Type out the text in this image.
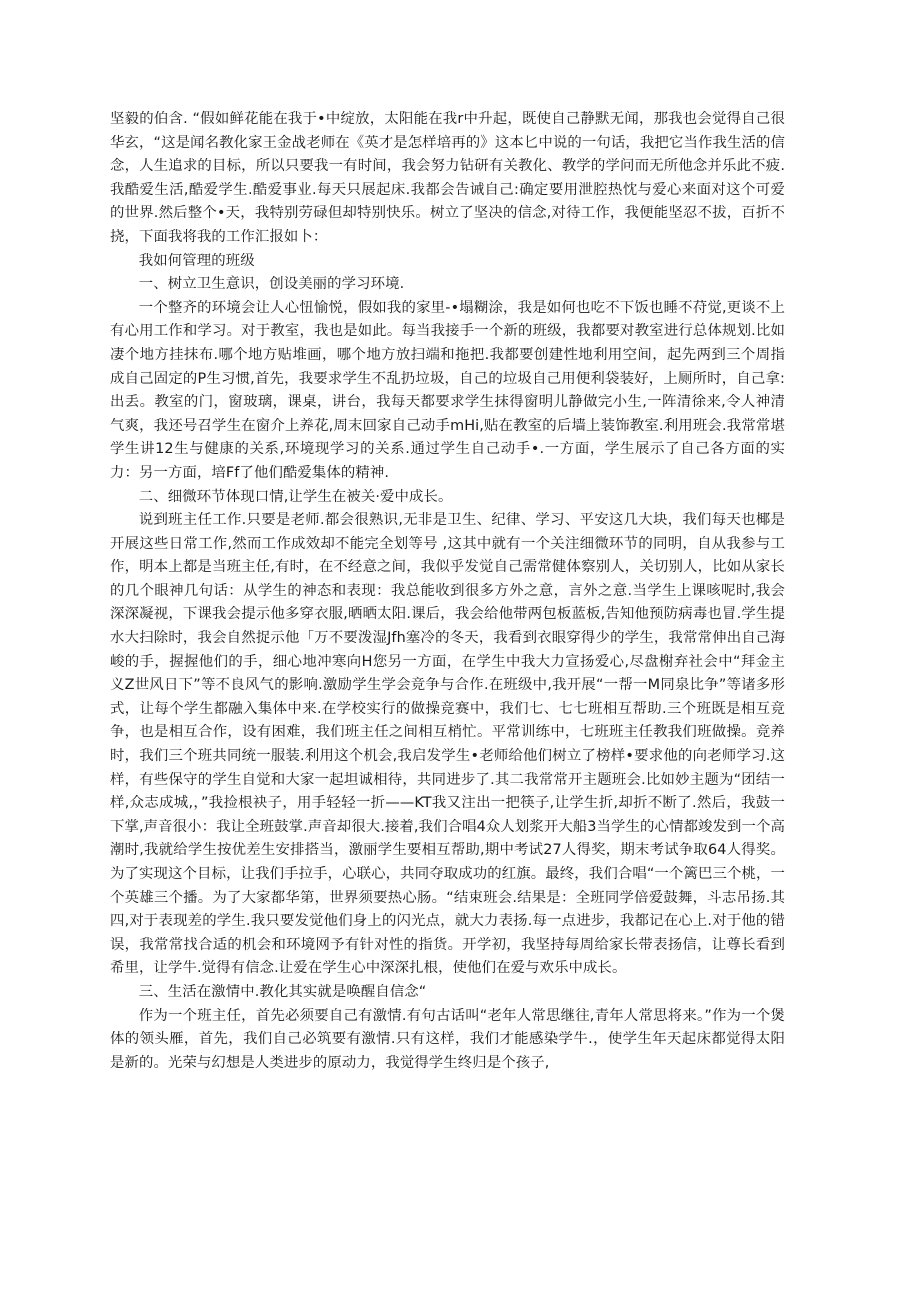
坚毅的伯含. “假如鲜花能在我于•中绽放，太阳能在我r中升起，既使自己静默无闻，那我也会觉得自己很华玄，“这是闻名教化家王金战老师在《英才是怎样培再的》这本匕中说的一句话，我把它当作我生活的信念，人生追求的目标，所以只要我一有时间，我会努力钻研有关教化、教学的学问而无所他念并乐此不疲.我酷爱生活,酷爱学生.酷爱事业.每天只展起床.我都会告诫自己:确定要用泄腔热忱与爱心来面对这个可爱的世界.然后整个•天，我特别劳碌但却特别快乐。树立了坚决的信念,对待工作，我便能坚忍不拔，百折不挠，下面我将我的工作汇报如卜：

我如何管理的班级

一、树立卫生意识，创设美丽的学习环境.

一个整齐的环境会让人心忸愉悦，假如我的家里-•塌糊涂，我是如何也吃不下饭也睡不苻觉,更谈不上有心用工作和学习。对于教室，我也是如此。每当我接手一个新的班级，我都要对教室进行总体规划.比如凄个地方挂抹布.哪个地方贴堆画，哪个地方放扫端和拖把.我都要创建性地利用空间，起先两到三个周指成自己固定的P生习惯,首先，我要求学生不乱扔垃圾，自己的垃圾自己用便利袋装好，上厕所时，自己拿:出丢。教室的门，窗玻璃，课桌，讲台，我每天都要求学生抹得窗明儿静做完小生,一阵清徐来,令人神清气爽，我还号召学生在窗介上养花,周末回家自己动手mHi,贴在教室的后墙上装饰教室.利用班会.我常常堪学生讲12生与健康的关系,环境现学习的关系.通过学生自己动手•.一方面，学生展示了自己各方面的实力：另一方面，培Ff了他们酷爱集体的精神.

二、细微环节体现口情,让学生在被关·爱中成长。

说到班主任工作.只要是老师.都会很熟识,无非是卫生、纪律、学习、平安这几大块，我们每天也椰是开展这些日常工作,然而工作成效却不能完全划等号 ,这其中就有一个关注细微环节的同明，自从我参与工作，明本上都是当班主任,有时，在不经意之间，我似乎发觉自己需常健体察别人，关切别人，比如从家长的几个眼神几句话：从学生的神态和表现：我总能收到很多方外之意，言外之意.当学生上课咳呢时,我会深深凝视，下课我会提示他多穿衣服,晒晒太阳.课后，我会给他带两包板蓝板,告知他预防病毒也冒.学生提水大扫除时，我会自然捉示他「万不要泼湿Jfh塞冷的冬天，我看到衣眼穿得少的学生，我常常伸出自己海峻的手，握握他们的手，细心地冲寒向H您另一方面，在学生中我大力宣扬爱心,尽盘榭弃社会中“拜金主义Z世风日下”等不良风气的影响.激励学生学会竞争与合作.在班级中,我开展“一帮一M同泉比争”等诸多形式，让每个学生都融入集体中来.在学校实行的做操竞赛中，我们七、七七班相互帮助.三个班既是相互竞争，也是相互合作，设有困难，我们班主任之间相互梢忙。平常训练中，七班班主任教我们班做操。竞养时，我们三个班共同统一服装.利用这个机会,我启发学生•老师给他们树立了榜样•要求他的向老师学习.这样，有些保守的学生自觉和大家一起坦诚相待，共同进步了.其二我常常开主题班会.比如妙主题为“团结一样,众志成城,，”我捡根袂子，用手轻轻一折——KT我又注出一把筷子,让学生折,却折不断了.然后，我鼓一下掌,声音很小：我让全班鼓掌.声音却很大.接着,我们合唱4众人划浆开大船3当学生的心情都竣发到一个高潮时,我就给学生按优差生安排搭当，激丽学生要相互帮助,期中考试27人得奖，期末考试争取64人得奖。为了实现这个目标，让我们手拉手，心联心，共同夺取成功的红旗。最终，我们合唱“一个篱巴三个桃，一个英雄三个播。为了大家都华第，世界须要热心肠。“结束班会.结果是：全班同学倍爱鼓舞，斗志吊扬.其四,对于表现差的学生.我只要发觉他们身上的闪光点，就大力表扬.每一点进步，我都记在心上.对于他的错误，我常常找合适的机会和环境网予有针对性的指货。开学初，我坚持每周给家长带表扬信，让尊长看到希里，让学牛.觉得有信念.让爱在学生心中深深扎根，使他们在爱与欢乐中成长。

三、生活在激情中.教化其实就是唤醒自信念“

作为一个班主任，首先必须要自己有激情.有句古话叫“老年人常思继往,青年人常思将来。”作为一个煲体的领头雁，首先，我们自己必筑要有激情.只有这样，我们才能感染学牛.，使学生年天起床都觉得太阳是新的。光荣与幻想是人类进步的原动力，我觉得学生终归是个孩子,
